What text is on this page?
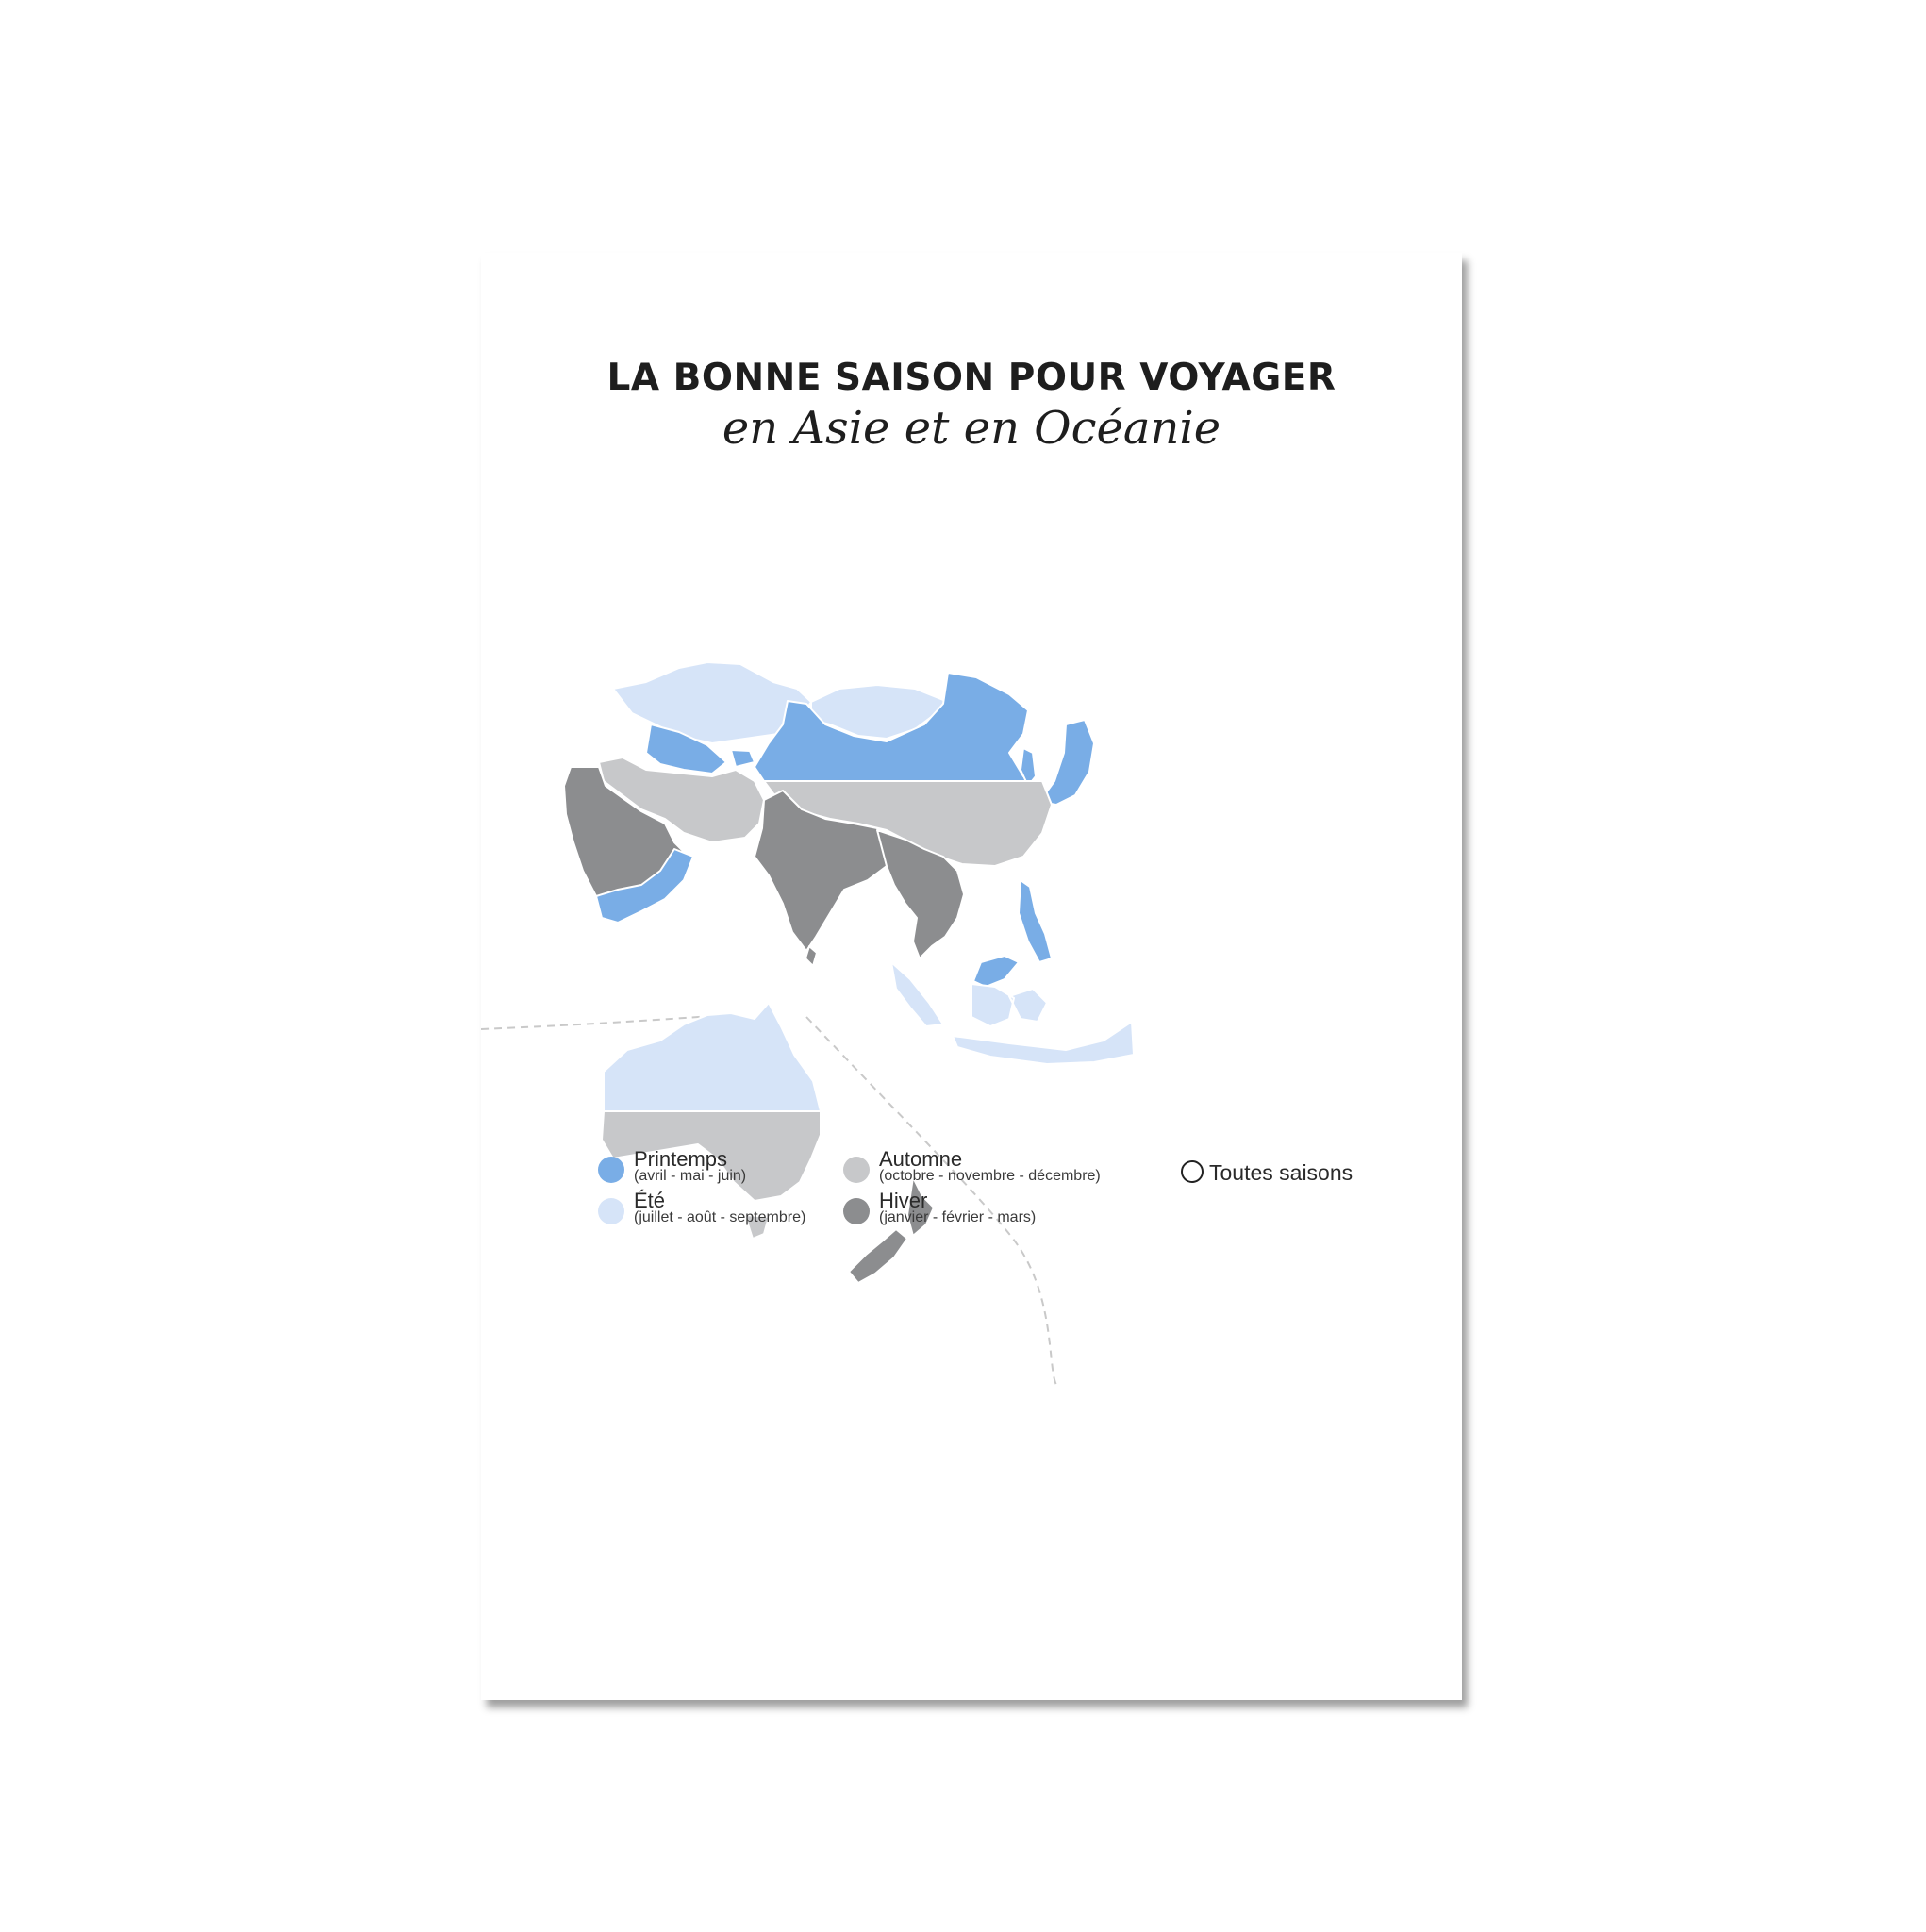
LA BONNE SAISON POUR VOYAGER
en Asie et en Océanie
Printemps
(avril - mai - juin)
Été
(juillet - août - septembre)
Automne
(octobre - novembre - décembre)
Hiver
(janvier - février - mars)
Toutes saisons
